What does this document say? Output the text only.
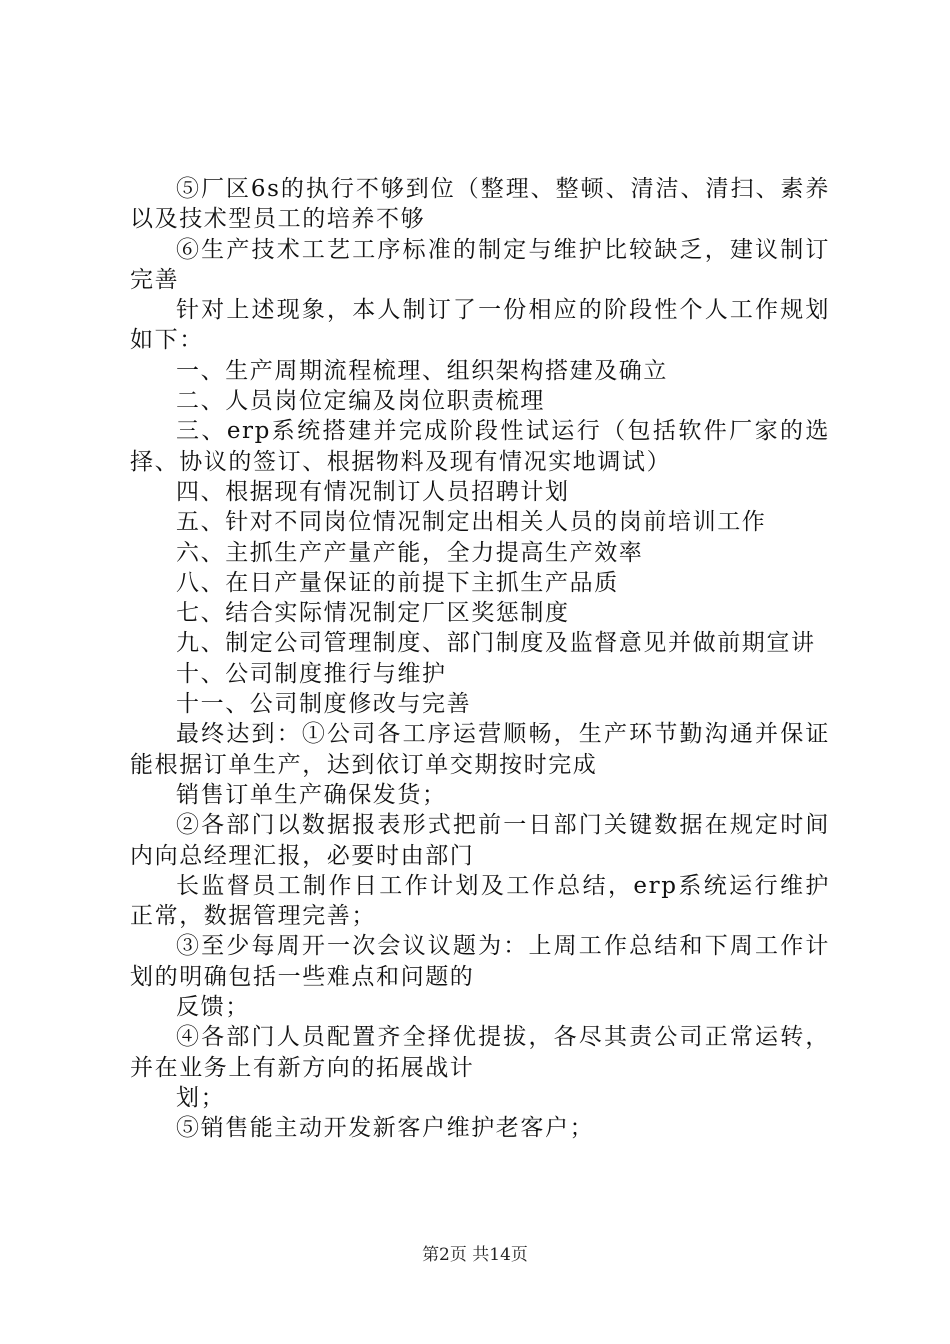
⑤厂区6s的执行不够到位（整理、整顿、清洁、清扫、素养以及技术型员工的培养不够

⑥生产技术工艺工序标准的制定与维护比较缺乏，建议制订完善

针对上述现象，本人制订了一份相应的阶段性个人工作规划如下：

一、生产周期流程梳理、组织架构搭建及确立

二、人员岗位定编及岗位职责梳理

三、erp系统搭建并完成阶段性试运行（包括软件厂家的选择、协议的签订、根据物料及现有情况实地调试）

四、根据现有情况制订人员招聘计划

五、针对不同岗位情况制定出相关人员的岗前培训工作

六、主抓生产产量产能，全力提高生产效率

八、在日产量保证的前提下主抓生产品质

七、结合实际情况制定厂区奖惩制度

九、制定公司管理制度、部门制度及监督意见并做前期宣讲

十、公司制度推行与维护

十一、公司制度修改与完善

最终达到：①公司各工序运营顺畅，生产环节勤沟通并保证能根据订单生产，达到依订单交期按时完成

销售订单生产确保发货；

②各部门以数据报表形式把前一日部门关键数据在规定时间内向总经理汇报，必要时由部门

长监督员工制作日工作计划及工作总结，erp系统运行维护正常，数据管理完善；

③至少每周开一次会议议题为：上周工作总结和下周工作计划的明确包括一些难点和问题的

反馈；

④各部门人员配置齐全择优提拔，各尽其责公司正常运转，并在业务上有新方向的拓展战计

划；

⑤销售能主动开发新客户维护老客户；

第2页 共14页
